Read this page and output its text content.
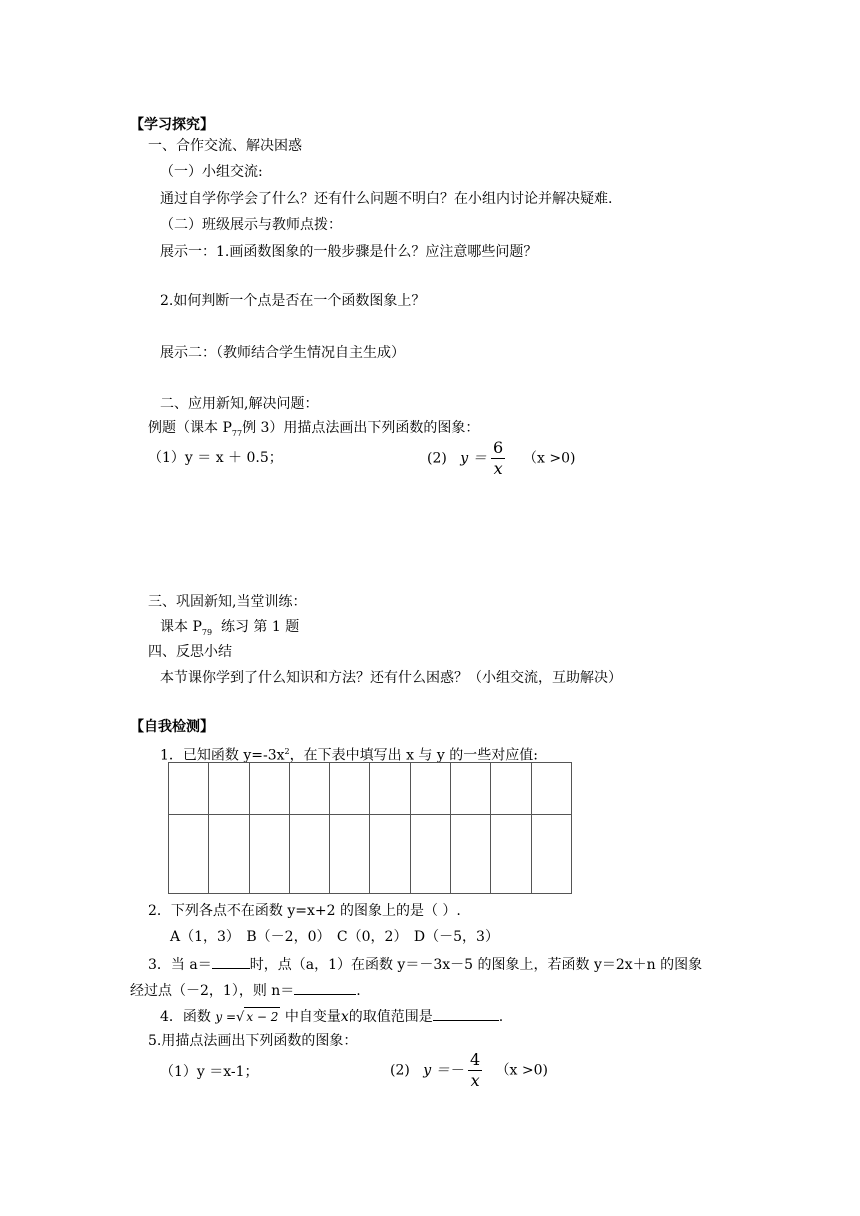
【学习探究】
一、合作交流、解决困惑
（一）小组交流:
通过自学你学会了什么？还有什么问题不明白？在小组内讨论并解决疑难.
（二）班级展示与教师点拨：
展示一：1.画函数图象的一般步骤是什么？应注意哪些问题？
2.如何判断一个点是否在一个函数图象上？
展示二：（教师结合学生情况自主生成）
二、应用新知,解决问题：
例题（课本 $P_{77}$例 3）用描点法画出下列函数的图象：
（1）y ＝ x ＋ 0.5；	(2) $y = \frac{6}{x} (x >0)$
三、巩固新知,当堂训练：
课本 $P_{79}$ 练习 第 1 题
四、反思小结
本节课你学到了什么知识和方法？还有什么困惑？（小组交流，互助解决）
【自我检测】
1．已知函数 $y=-3x^2$，在下表中填写出 x 与 y 的一些对应值:

2．下列各点不在函数 y=x+2 的图象上的是（ ）.
A（1，3） B（－2，0） C（0，2） D（－5，3）
3．当 a＝	时，点（a，1）在函数 y＝－3x－5 的图象上，若函数 y＝2x＋n 的图象
经过点（－2，1），则 n＝	.
4．函数 y =√ x − 2 中自变量x的取值范围是	.
5.用描点法画出下列函数的图象：
（1）y ＝x-1；	(2) $y =- \frac{4}{x} (x >0)$
